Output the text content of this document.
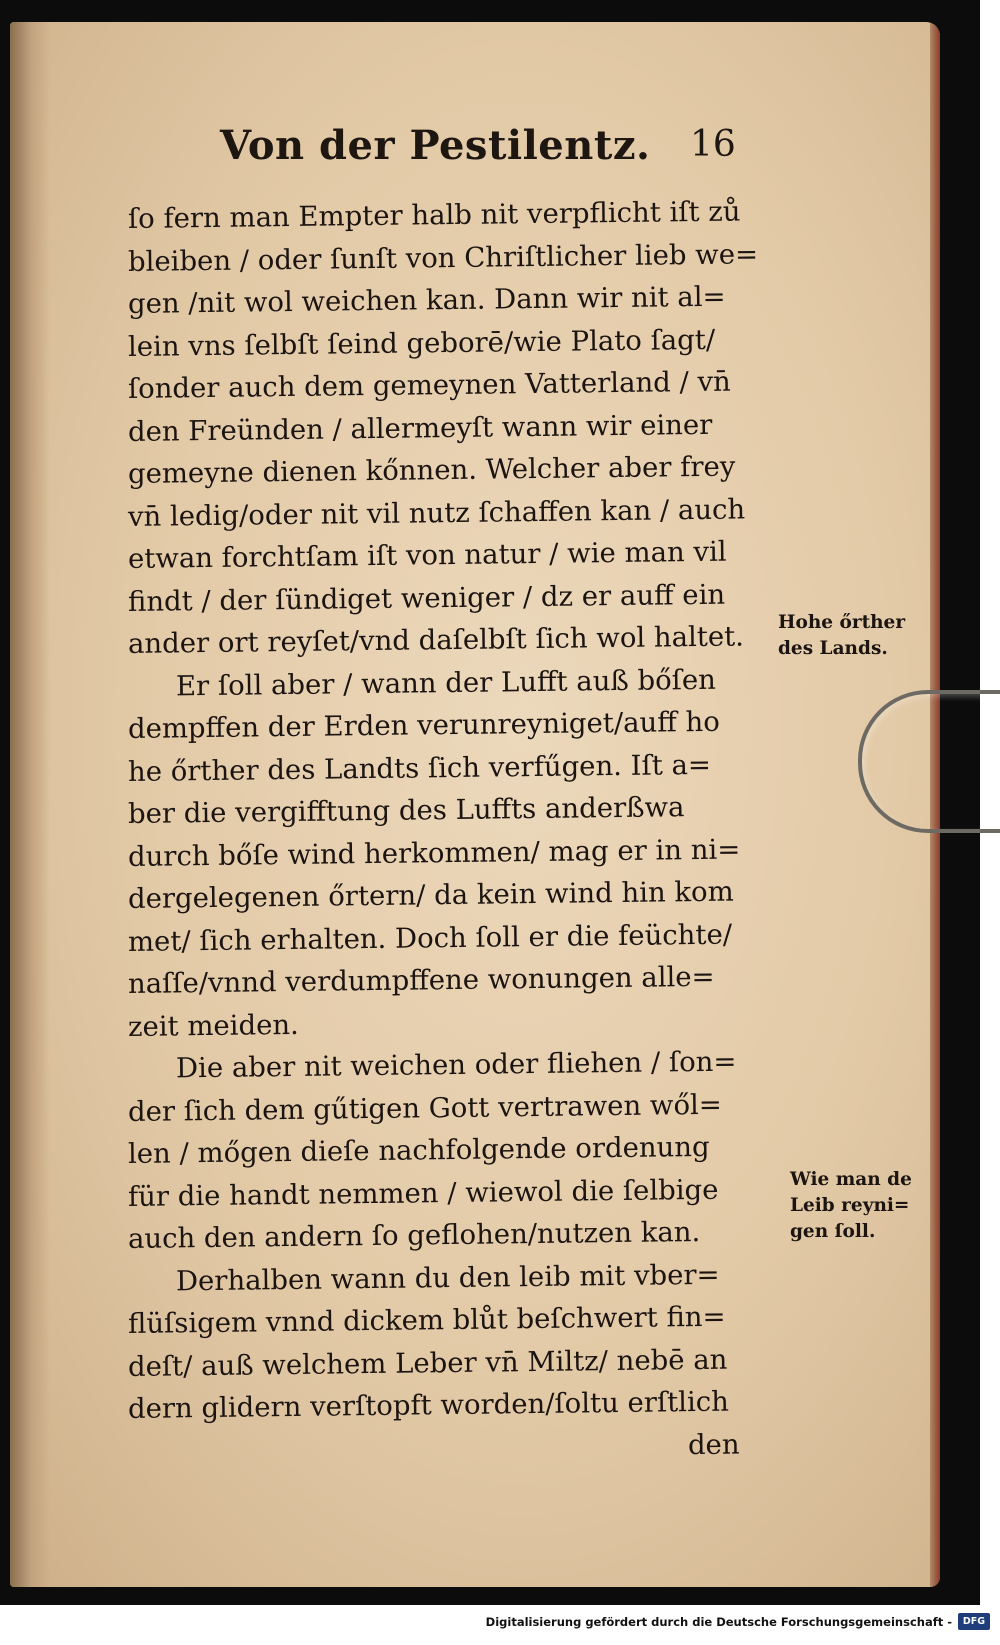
Von der Pestilentz. 16
ſo fern man Empter halb nit verpflicht iſt zů
bleiben / oder ſunſt von Chriſtlicher lieb we=
gen /nit wol weichen kan. Dann wir nit al=
lein vns ſelbſt ſeind geborē/wie Plato ſagt/
ſonder auch dem gemeynen Vatterland / vn̄
den Freünden / allermeyſt wann wir einer
gemeyne dienen kőnnen. Welcher aber frey
vn̄ ledig/oder nit vil nutz ſchaffen kan / auch
etwan forchtſam iſt von natur / wie man vil
findt / der ſündiget weniger / dz er auff ein
ander ort reyſet/vnd daſelbſt ſich wol haltet.
Er ſoll aber / wann der Lufft auß bőſen
dempffen der Erden verunreyniget/auff ho
he őrther des Landts ſich verfűgen. Iſt a=
ber die vergifftung des Luffts anderßwa
durch bőſe wind herkommen/ mag er in ni=
dergelegenen őrtern/ da kein wind hin kom
met/ ſich erhalten. Doch ſoll er die feüchte/
naſſe/vnnd verdumpffene wonungen alle=
zeit meiden.
Die aber nit weichen oder fliehen / ſon=
der ſich dem gűtigen Gott vertrawen wől=
len / mőgen dieſe nachfolgende ordenung
für die handt nemmen / wiewol die ſelbige
auch den andern ſo geflohen/nutzen kan.
Derhalben wann du den leib mit vber=
flüſsigem vnnd dickem blůt beſchwert fin=
deſt/ auß welchem Leber vn̄ Miltz/ nebē an
dern glidern verſtopft worden/ſoltu erſtlich
den
Hohe őrther
des Lands.
Wie man de
Leib reyni=
gen ſoll.
Digitalisierung gefördert durch die Deutsche Forschungsgemeinschaft -	DFG
